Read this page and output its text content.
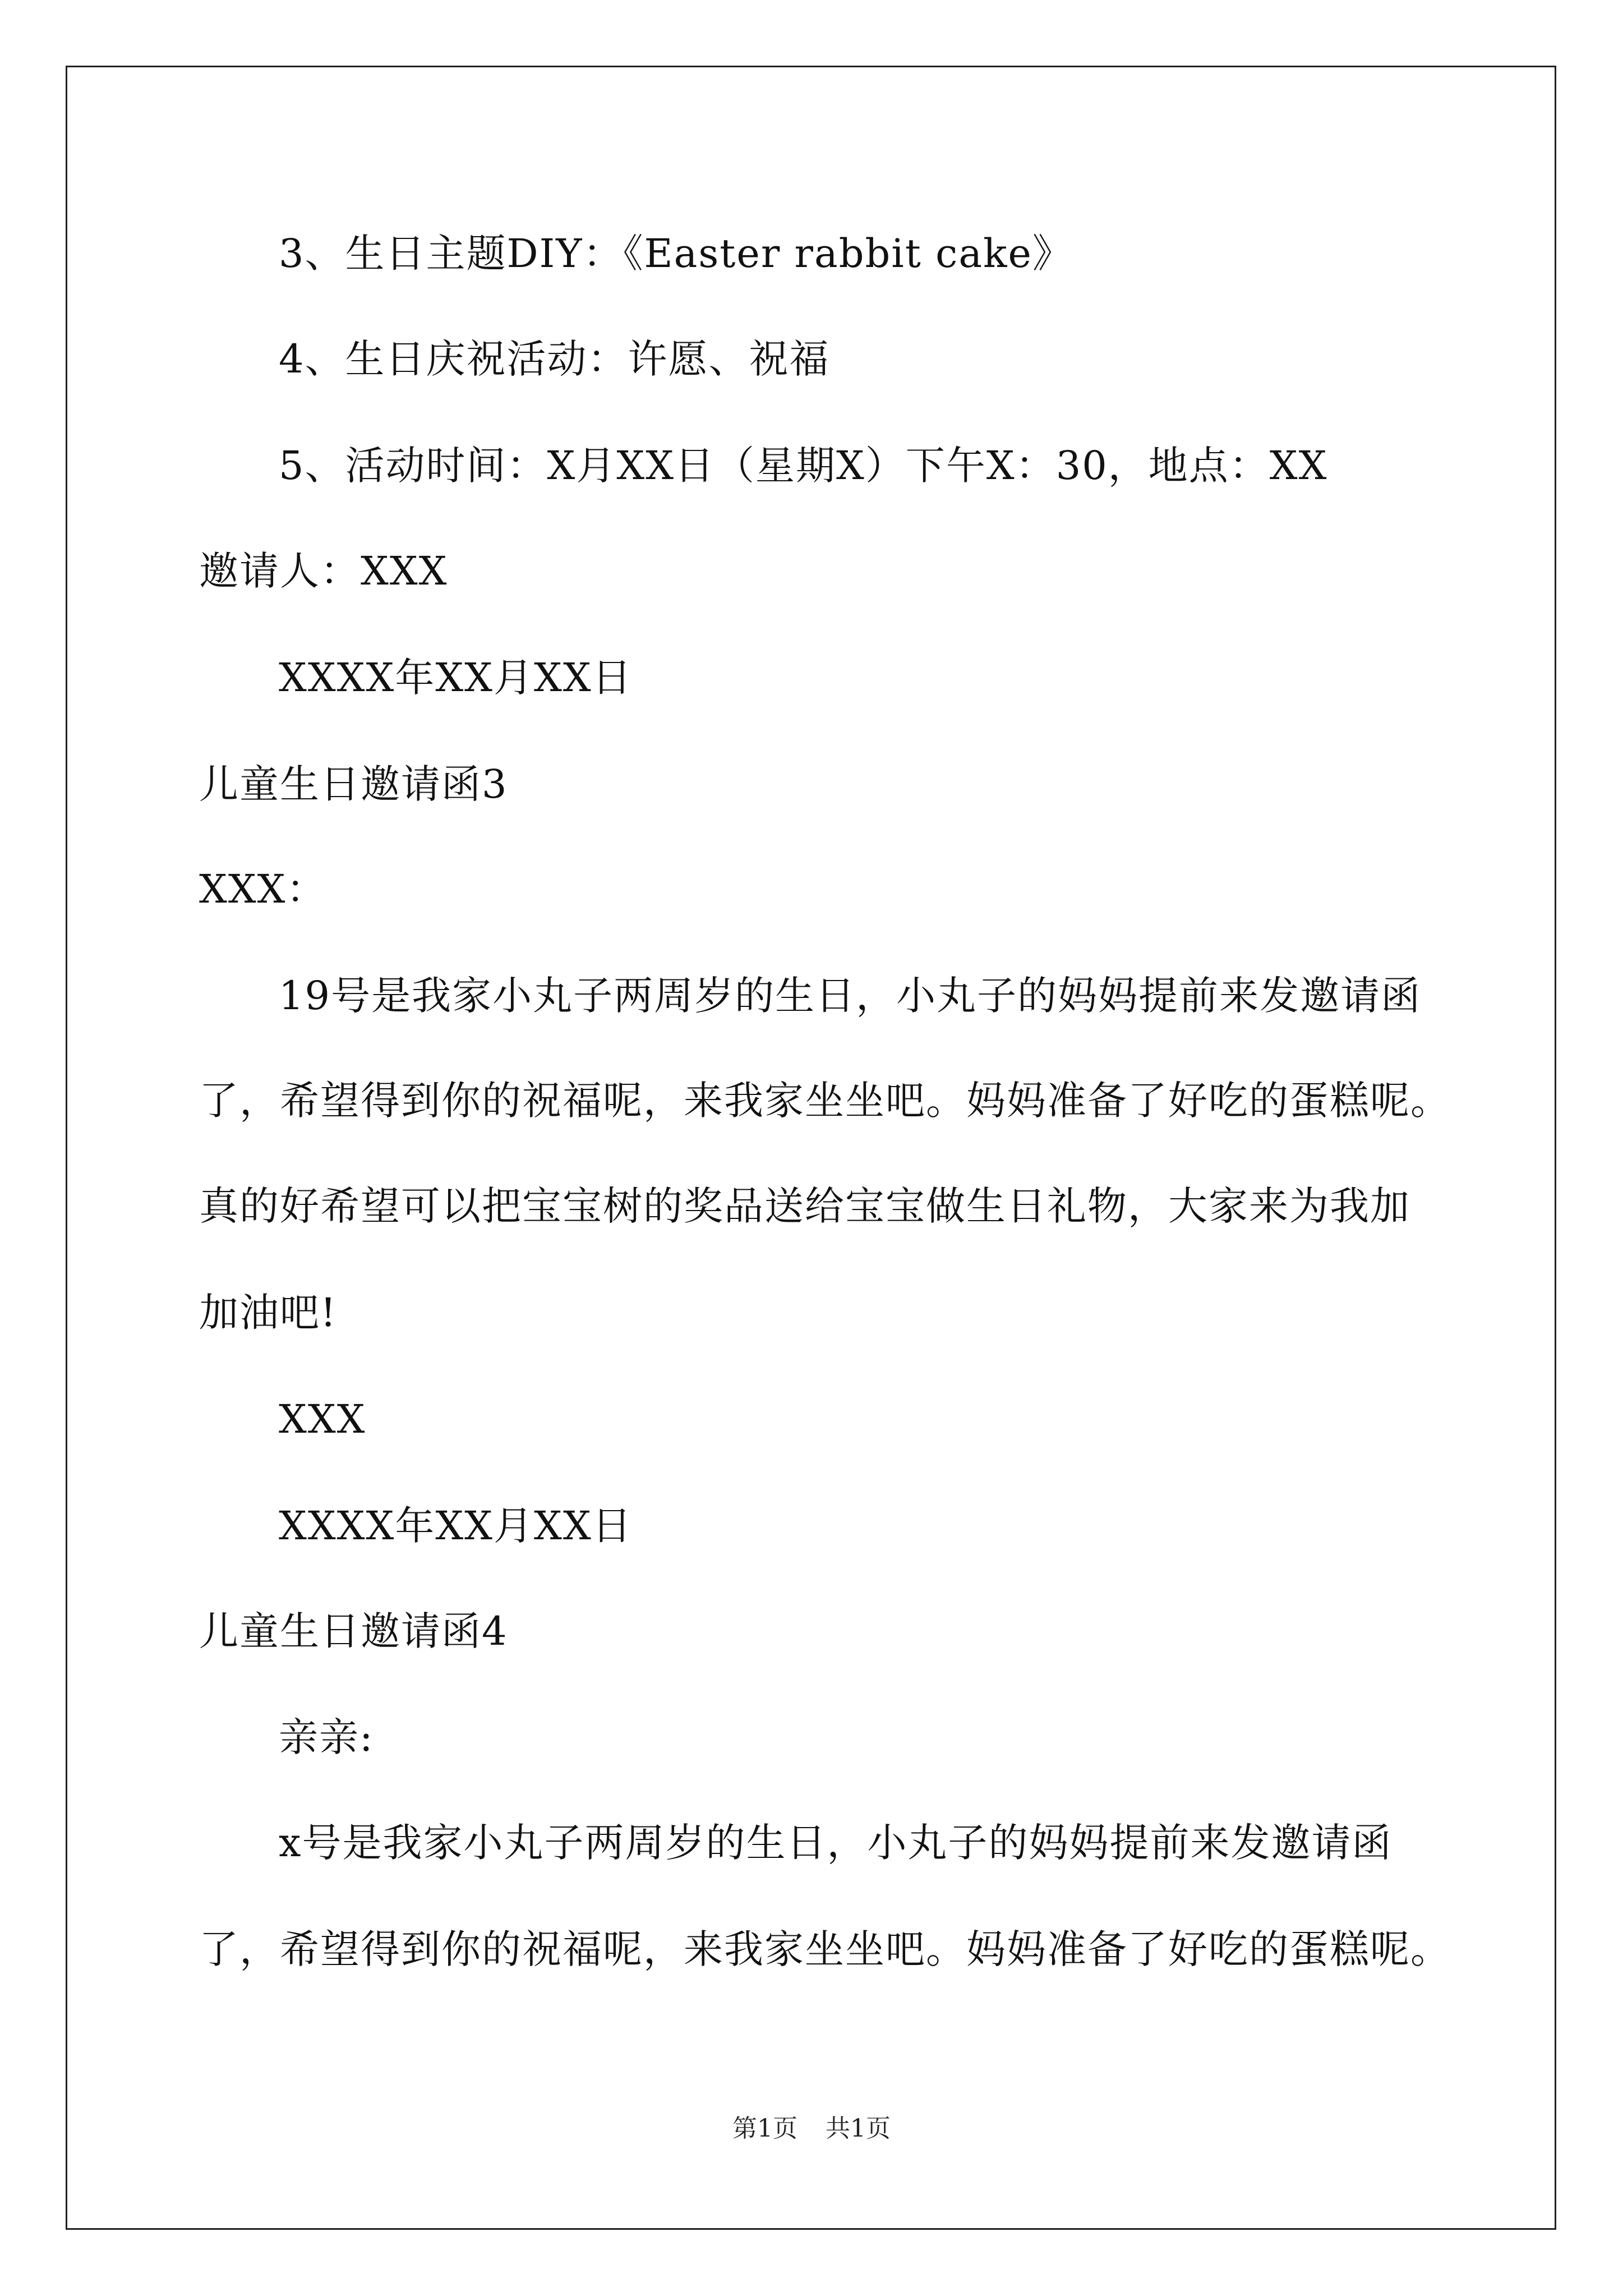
3、生日主题DIY：《Easter rabbit cake》
4、生日庆祝活动：许愿、祝福
5、活动时间：X月XX日（星期X）下午X：30，地点：XX
邀请人：XXX
XXXX年XX月XX日
儿童生日邀请函3
XXX：
19号是我家小丸子两周岁的生日，小丸子的妈妈提前来发邀请函
了，希望得到你的祝福呢，来我家坐坐吧。妈妈准备了好吃的蛋糕呢。
真的好希望可以把宝宝树的奖品送给宝宝做生日礼物，大家来为我加
加油吧!
XXX
XXXX年XX月XX日
儿童生日邀请函4
亲亲:
x号是我家小丸子两周岁的生日，小丸子的妈妈提前来发邀请函
了，希望得到你的祝福呢，来我家坐坐吧。妈妈准备了好吃的蛋糕呢。
第1页 共1页
